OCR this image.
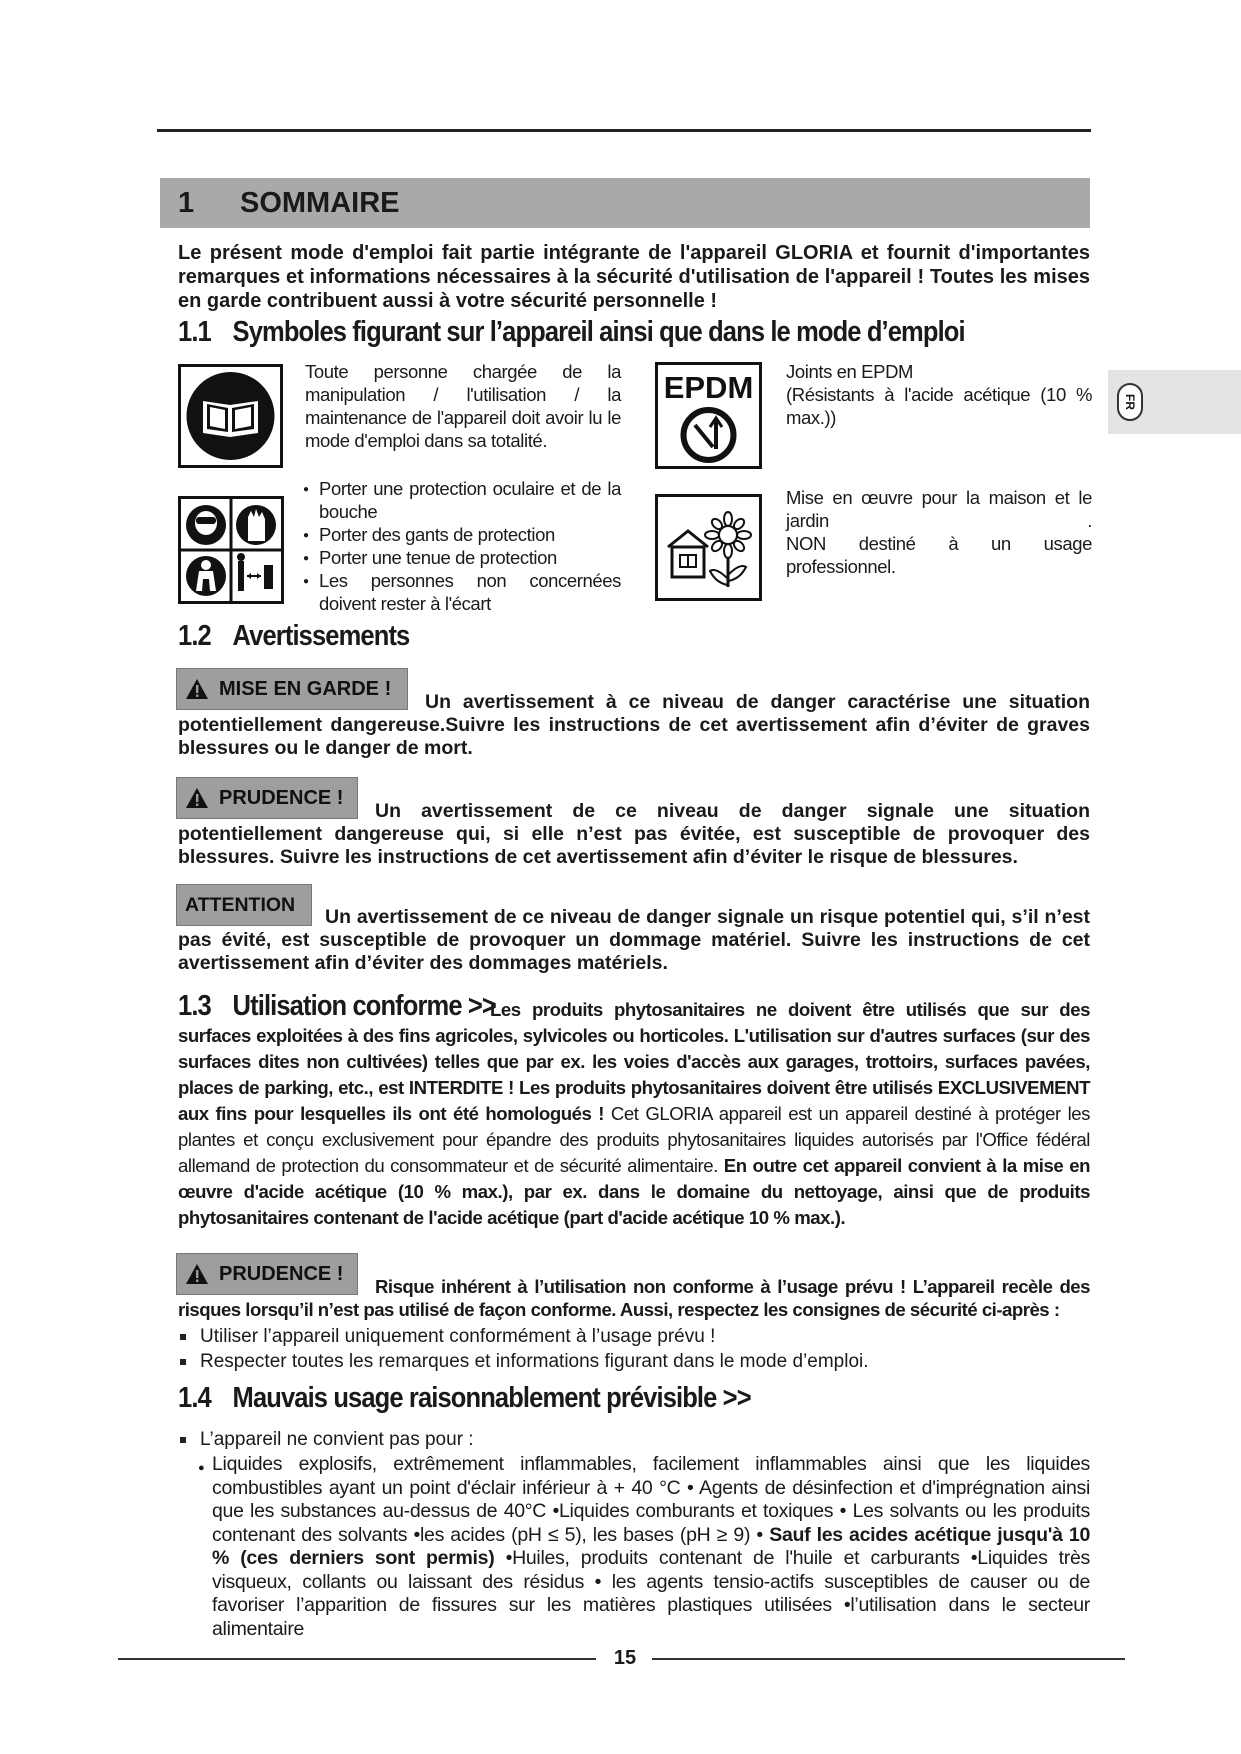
FR
1 SOMMAIRE

Le présent mode d'emploi fait partie intégrante de l'appareil GLORIA et fournit d'importantes remarques et informations nécessaires à la sécurité d'utilisation de l'appareil ! Toutes les mises en garde contribuent aussi à votre sécurité personnelle !

1.1 Symboles figurant sur l’appareil ainsi que dans le mode d’emploi

Toute personne chargée de la manipulation / l'utilisation / la maintenance de l'appareil doit avoir lu le mode d'emploi dans sa totalité.

EPDM Joints en EPDM

(Résistants à l'acide acétique (10 % max.))

● Porter une protection oculaire et de la bouche
● Porter des gants de protection
● Porter une tenue de protection
● Les personnes non concernées doivent rester à l'écart

Mise en œuvre pour la maison et le jardin .

NON destiné à un usage professionnel.

1.2 Avertissements
MISE EN GARDE !

Un avertissement à ce niveau de danger caractérise une situation potentiellement dangereuse.Suivre les instructions de cet avertissement afin d’éviter de graves blessures ou le danger de mort.

PRUDENCE !

Un avertissement de ce niveau de danger signale une situation potentiellement dangereuse qui, si elle n’est pas évitée, est susceptible de provoquer des blessures. Suivre les instructions de cet avertissement afin d’éviter le risque de blessures.

ATTENTION

Un avertissement de ce niveau de danger signale un risque potentiel qui, s’il n’est pas évité, est susceptible de provoquer un dommage matériel. Suivre les instructions de cet avertissement afin d’éviter des dommages matériels.

1.3 Utilisation conforme >>

Les produits phytosanitaires ne doivent être utilisés que sur des surfaces exploitées à des fins agricoles, sylvicoles ou horticoles. L'utilisation sur d'autres surfaces (sur des surfaces dites non cultivées) telles que par ex. les voies d'accès aux garages, trottoirs, surfaces pavées, places de parking, etc., est INTERDITE ! Les produits phytosanitaires doivent être utilisés EXCLUSIVEMENT aux fins pour lesquelles ils ont été homologués ! Cet GLORIA appareil est un appareil destiné à protéger les plantes et conçu exclusivement pour épandre des produits phytosanitaires liquides autorisés par l'Office fédéral allemand de protection du consommateur et de sécurité alimentaire. En outre cet appareil convient à la mise en œuvre d'acide acétique (10 % max.), par ex. dans le domaine du nettoyage, ainsi que de produits phytosanitaires contenant de l'acide acétique (part d'acide acétique 10 % max.).

PRUDENCE !

Risque inhérent à l’utilisation non conforme à l’usage prévu ! L’appareil recèle des risques lorsqu’il n’est pas utilisé de façon conforme. Aussi, respectez les consignes de sécurité ci-après :

Utiliser l’appareil uniquement conformément à l’usage prévu !
Respecter toutes les remarques et informations figurant dans le mode d’emploi.
1.4 Mauvais usage raisonnablement prévisible >>
L’appareil ne convient pas pour :
● Liquides explosifs, extrêmement inflammables, facilement inflammables ainsi que les liquides combustibles ayant un point d'éclair inférieur à + 40 °C • Agents de désinfection et d'imprégnation ainsi que les substances au-dessus de 40°C •Liquides comburants et toxiques • Les solvants ou les produits contenant des solvants •les acides (pH ≤ 5), les bases (pH ≥ 9) • Sauf les acides acétique jusqu'à 10 % (ces derniers sont permis) •Huiles, produits contenant de l'huile et carburants •Liquides très visqueux, collants ou laissant des résidus • les agents tensio-actifs susceptibles de causer ou de favoriser l’apparition de fissures sur les matières plastiques utilisées •l’utilisation dans le secteur alimentaire

15
